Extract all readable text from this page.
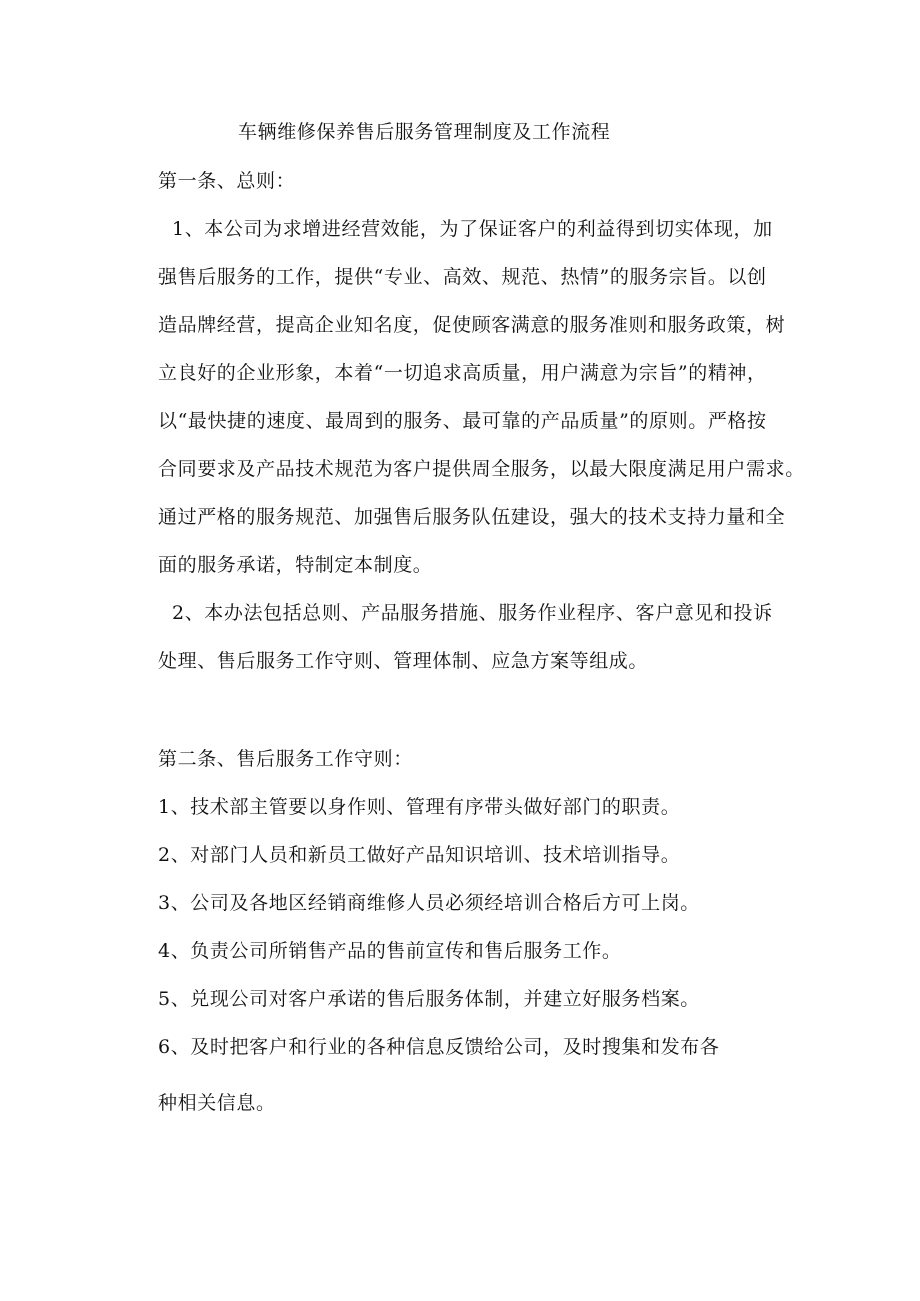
车辆维修保养售后服务管理制度及工作流程
第一条、总则：
1、本公司为求增进经营效能，为了保证客户的利益得到切实体现，加
强售后服务的工作，提供“专业、高效、规范、热情”的服务宗旨。以创
造品牌经营，提高企业知名度，促使顾客满意的服务准则和服务政策，树
立良好的企业形象，本着“一切追求高质量，用户满意为宗旨”的精神，
以“最快捷的速度、最周到的服务、最可靠的产品质量”的原则。严格按
合同要求及产品技术规范为客户提供周全服务，以最大限度满足用户需求。
通过严格的服务规范、加强售后服务队伍建设，强大的技术支持力量和全
面的服务承诺，特制定本制度。
2、本办法包括总则、产品服务措施、服务作业程序、客户意见和投诉
处理、售后服务工作守则、管理体制、应急方案等组成。
第二条、售后服务工作守则：
1、技术部主管要以身作则、管理有序带头做好部门的职责。
2、对部门人员和新员工做好产品知识培训、技术培训指导。
3、公司及各地区经销商维修人员必须经培训合格后方可上岗。
4、负责公司所销售产品的售前宣传和售后服务工作。
5、兑现公司对客户承诺的售后服务体制，并建立好服务档案。
6、及时把客户和行业的各种信息反馈给公司，及时搜集和发布各
种相关信息。
